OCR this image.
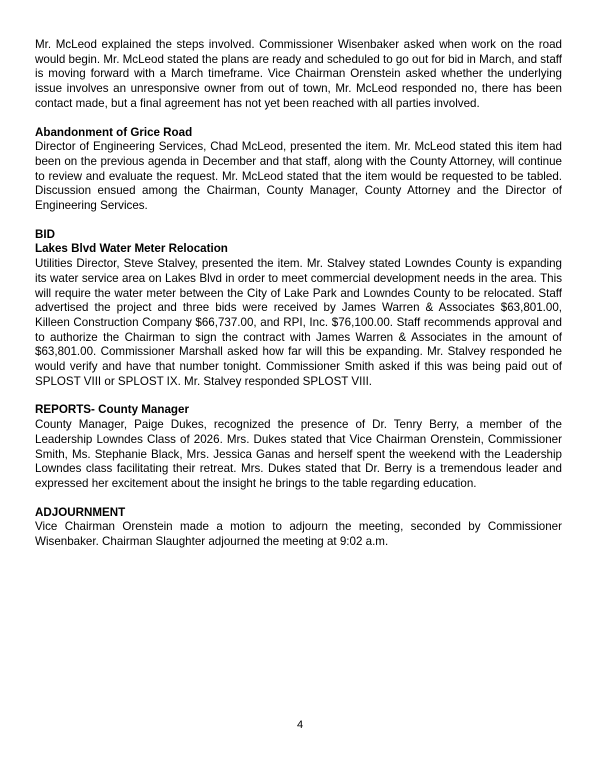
Mr. McLeod explained the steps involved. Commissioner Wisenbaker asked when work on the road would begin. Mr. McLeod stated the plans are ready and scheduled to go out for bid in March, and staff is moving forward with a March timeframe. Vice Chairman Orenstein asked whether the underlying issue involves an unresponsive owner from out of town, Mr. McLeod responded no, there has been contact made, but a final agreement has not yet been reached with all parties involved.

Abandonment of Grice Road

Director of Engineering Services, Chad McLeod, presented the item. Mr. McLeod stated this item had been on the previous agenda in December and that staff, along with the County Attorney, will continue to review and evaluate the request. Mr. McLeod stated that the item would be requested to be tabled. Discussion ensued among the Chairman, County Manager, County Attorney and the Director of Engineering Services.

BID
Lakes Blvd Water Meter Relocation

Utilities Director, Steve Stalvey, presented the item. Mr. Stalvey stated Lowndes County is expanding its water service area on Lakes Blvd in order to meet commercial development needs in the area. This will require the water meter between the City of Lake Park and Lowndes County to be relocated. Staff advertised the project and three bids were received by James Warren & Associates $63,801.00, Killeen Construction Company $66,737.00, and RPI, Inc. $76,100.00. Staff recommends approval and to authorize the Chairman to sign the contract with James Warren & Associates in the amount of $63,801.00. Commissioner Marshall asked how far will this be expanding. Mr. Stalvey responded he would verify and have that number tonight. Commissioner Smith asked if this was being paid out of SPLOST VIII or SPLOST IX. Mr. Stalvey responded SPLOST VIII.

REPORTS- County Manager

County Manager, Paige Dukes, recognized the presence of Dr. Tenry Berry, a member of the Leadership Lowndes Class of 2026. Mrs. Dukes stated that Vice Chairman Orenstein, Commissioner Smith, Ms. Stephanie Black, Mrs. Jessica Ganas and herself spent the weekend with the Leadership Lowndes class facilitating their retreat. Mrs. Dukes stated that Dr. Berry is a tremendous leader and expressed her excitement about the insight he brings to the table regarding education.

ADJOURNMENT

Vice Chairman Orenstein made a motion to adjourn the meeting, seconded by Commissioner Wisenbaker. Chairman Slaughter adjourned the meeting at 9:02 a.m.

4
